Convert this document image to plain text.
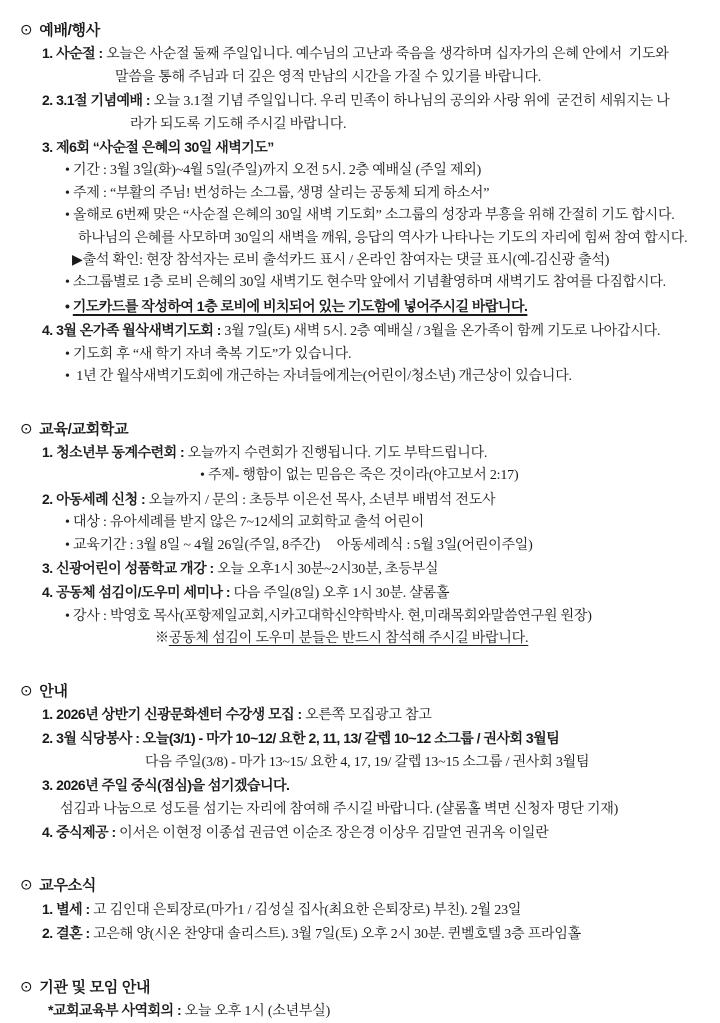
⊙ 예배/행사
1. 사순절 : 오늘은 사순절 둘째 주일입니다. 예수님의 고난과 죽음을 생각하며 십자가의 은혜 안에서  기도와
말씀을 통해 주님과 더 깊은 영적 만남의 시간을 가질 수 있기를 바랍니다.
2. 3.1절 기념예배 : 오늘 3.1절 기념 주일입니다. 우리 민족이 하나님의 공의와 사랑 위에  굳건히 세워지는 나
라가 되도록 기도해 주시길 바랍니다.
3. 제6회 “사순절 은혜의 30일 새벽기도”
• 기간 : 3월 3일(화)~4월 5일(주일)까지 오전 5시. 2층 예배실 (주일 제외)
• 주제 : “부활의 주님! 번성하는 소그룹, 생명 살리는 공동체 되게 하소서”
• 올해로 6번째 맞은 “사순절 은혜의 30일 새벽 기도회” 소그룹의 성장과 부흥을 위해 간절히 기도 합시다.
하나님의 은혜를 사모하며 30일의 새벽을 깨워, 응답의 역사가 나타나는 기도의 자리에 힘써 참여 합시다.
▶출석 확인: 현장 참석자는 로비 출석카드 표시 / 온라인 참여자는 댓글 표시(예-김신광 출석)
• 소그룹별로 1층 로비 은혜의 30일 새벽기도 현수막 앞에서 기념촬영하며 새벽기도 참여를 다짐합시다.
• 기도카드를 작성하여 1층 로비에 비치되어 있는 기도함에 넣어주시길 바랍니다.
4. 3월 온가족 월삭새벽기도회 : 3월 7일(토) 새벽 5시. 2층 예배실 / 3월을 온가족이 함께 기도로 나아갑시다.
• 기도회 후 “새 학기 자녀 축복 기도”가 있습니다.
•  1년 간 월삭새벽기도회에 개근하는 자녀들에게는(어린이/청소년) 개근상이 있습니다.
⊙ 교육/교회학교
1. 청소년부 동계수련회 : 오늘까지 수련회가 진행됩니다. 기도 부탁드립니다.
• 주제- 행함이 없는 믿음은 죽은 것이라(야고보서 2:17)
2. 아동세례 신청 : 오늘까지 / 문의 : 초등부 이은선 목사, 소년부 배범석 전도사
• 대상 : 유아세례를 받지 않은 7~12세의 교회학교 출석 어린이
• 교육기간 : 3월 8일 ~ 4월 26일(주일, 8주간)     아동세례식 : 5월 3일(어린이주일)
3. 신광어린이 성품학교 개강 : 오늘 오후1시 30분~2시30분, 초등부실
4. 공동체 섬김이/도우미 세미나 : 다음 주일(8일) 오후 1시 30분. 샬롬홀
• 강사 : 박영호 목사(포항제일교회,시카고대학신약학박사. 현,미래목회와말씀연구원 원장)
※공동체 섬김이 도우미 분들은 반드시 참석해 주시길 바랍니다.
⊙ 안내
1. 2026년 상반기 신광문화센터 수강생 모집 : 오른쪽 모집광고 참고
2. 3월 식당봉사 : 오늘(3/1) - 마가 10~12/ 요한 2, 11, 13/ 갈렙 10~12 소그룹 / 권사회 3월팀
다음 주일(3/8) - 마가 13~15/ 요한 4, 17, 19/ 갈렙 13~15 소그룹 / 권사회 3월팀
3. 2026년 주일 중식(점심)을 섬기겠습니다.
섬김과 나눔으로 성도를 섬기는 자리에 참여해 주시길 바랍니다. (샬롬홀 벽면 신청자 명단 기재)
4. 중식제공 : 이서은 이현정 이종섭 권금연 이순조 장은경 이상우 김말연 권귀옥 이일란
⊙ 교우소식
1. 별세 : 고 김인대 은퇴장로(마가1 / 김성실 집사(최요한 은퇴장로) 부친). 2월 23일
2. 결혼 : 고은해 양(시온 찬양대 솔리스트). 3월 7일(토) 오후 2시 30분. 퀸벨호텔 3층 프라임홀
⊙ 기관 및 모임 안내
*교회교육부 사역회의 : 오늘 오후 1시 (소년부실)
